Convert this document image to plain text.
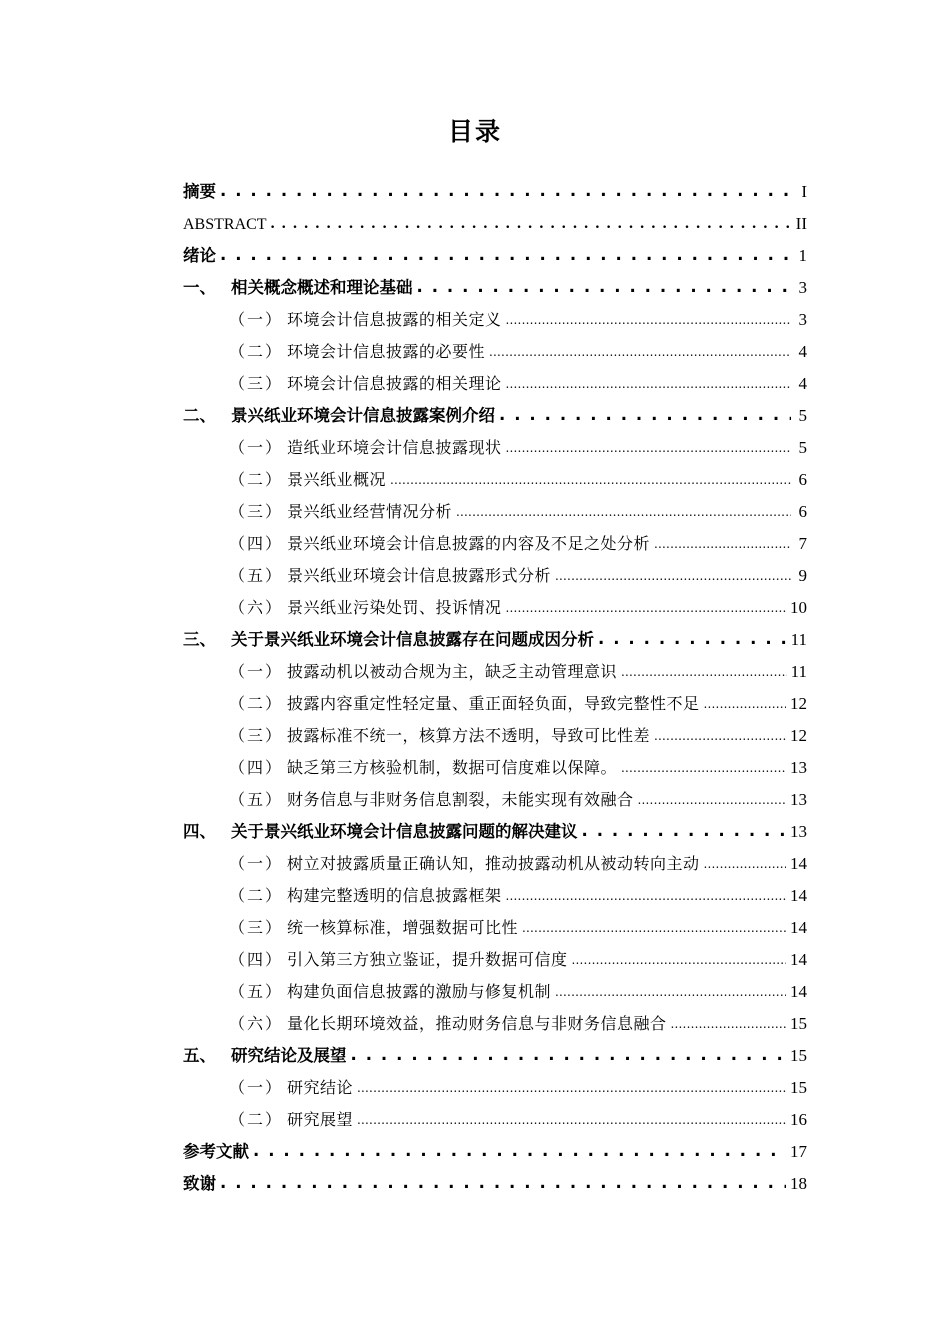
目录
摘要 . . .	I
ABSTRACT . . .	II
绪论 . . .	1
一、 相关概念概述和理论基础 . . .	3
（一） 环境会计信息披露的相关定义 .....	3
（二） 环境会计信息披露的必要性 .....	4
（三） 环境会计信息披露的相关理论 .....	4
二、 景兴纸业环境会计信息披露案例介绍 . . .	5
（一） 造纸业环境会计信息披露现状 .....	5
（二） 景兴纸业概况 .....	6
（三） 景兴纸业经营情况分析 .....	6
（四） 景兴纸业环境会计信息披露的内容及不足之处分析 .....	7
（五） 景兴纸业环境会计信息披露形式分析 .....	9
（六） 景兴纸业污染处罚、投诉情况 .....	10
三、 关于景兴纸业环境会计信息披露存在问题成因分析 . . .	11
（一） 披露动机以被动合规为主，缺乏主动管理意识 .....	11
（二） 披露内容重定性轻定量、重正面轻负面，导致完整性不足 .....	12
（三） 披露标准不统一，核算方法不透明，导致可比性差 .....	12
（四） 缺乏第三方核验机制，数据可信度难以保障。 .....	13
（五） 财务信息与非财务信息割裂，未能实现有效融合 .....	13
四、 关于景兴纸业环境会计信息披露问题的解决建议 . . .	13
（一） 树立对披露质量正确认知，推动披露动机从被动转向主动 .....	14
（二） 构建完整透明的信息披露框架 .....	14
（三） 统一核算标准，增强数据可比性 .....	14
（四） 引入第三方独立鉴证，提升数据可信度 .....	14
（五） 构建负面信息披露的激励与修复机制 .....	14
（六） 量化长期环境效益，推动财务信息与非财务信息融合 .....	15
五、 研究结论及展望 . . .	15
（一） 研究结论 .....	15
（二） 研究展望 .....	16
参考文献 . . .	17
致谢 . . .	18
